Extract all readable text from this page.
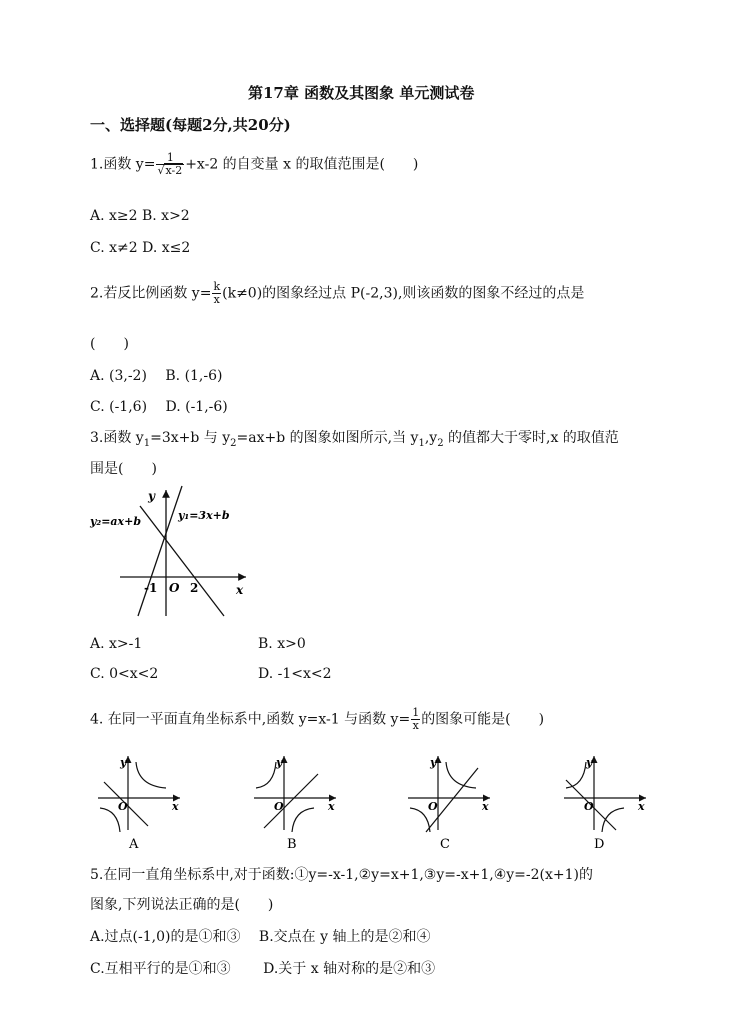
第17章 函数及其图象 单元测试卷
一、选择题(每题2分,共20分)
1.函数 $y= \frac{1}{√x-2} +x-2$ 的自变量 x 的取值范围是(　　)
A. x≥2 B. x>2
C. x≠2 D. x≤2
2.若反比例函数 $y= \frac{k}{x} (k\ne 0)$的图象经过点 P(-2,3),则该函数的图象不经过的点是
(　　)
A. (3,-2)　 B. (1,-6)
C. (-1,6)　 D. (-1,-6)
3.函数 $y_1=3x+b$ 与 $y_2=ax+b$ 的图象如图所示,当 $y_1,y_2$ 的值都大于零时,x 的取值范
围是(　　)
y₂=ax+b	y₁=3x+b
y
x
O
-1	2
A. x>-1	B. x>0
C. 0<x<2	D. -1<x<2
4. 在同一平面直角坐标系中,函数 y=x-1 与函数 $y= \frac{1}{x}$ 的图象可能是(　　)
y
x
O
A
y
x
O
B
y
x
O
C
y
x
O
D
5.在同一直角坐标系中,对于函数:①y=-x-1,②y=x+1,③y=-x+1,④y=-2(x+1)的
图象,下列说法正确的是(　　)
A.过点(-1,0)的是①和③　 B.交点在 y 轴上的是②和④
C.互相平行的是①和③　　 D.关于 x 轴对称的是②和③
